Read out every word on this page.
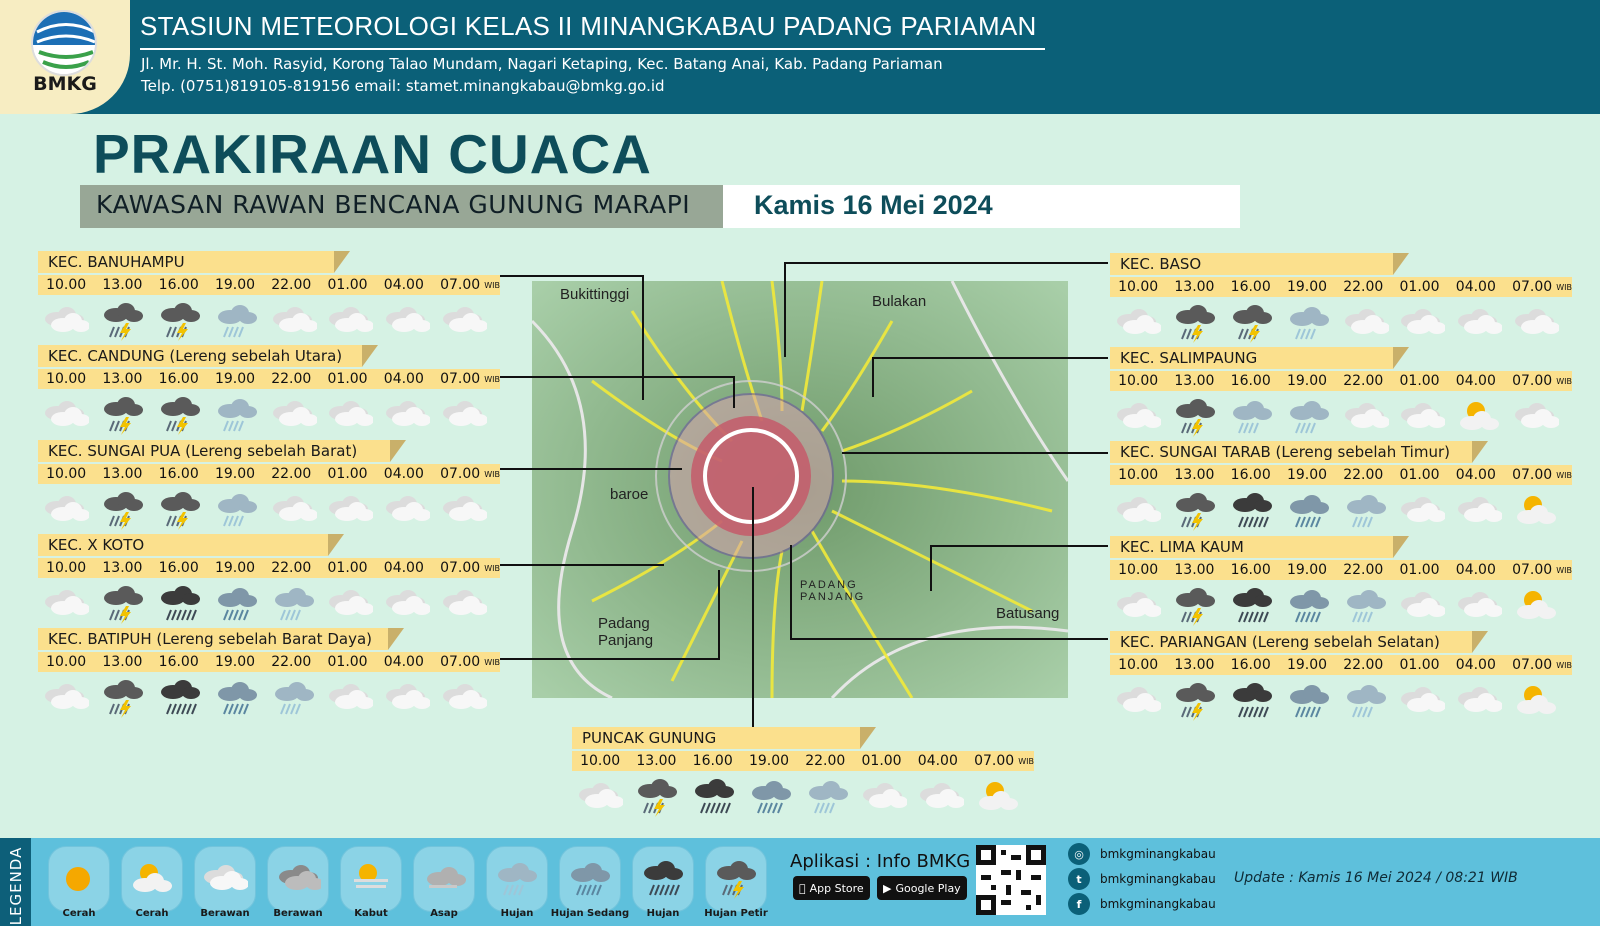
BMKG
STASIUN METEOROLOGI KELAS II MINANGKABAU PADANG PARIAMAN
Jl. Mr. H. St. Moh. Rasyid, Korong Talao Mundam, Nagari Ketaping, Kec. Batang Anai, Kab. Padang Pariaman
Telp. (0751)819105-819156 email: stamet.minangkabau@bmkg.go.id
PRAKIRAAN CUACA
KAWASAN RAWAN BENCANA GUNUNG MARAPI Kamis 16 Mei 2024
Bukittinggi	Bulakan
baroe
PADANG PANJANG
Padang Panjang
Batusang
KEC. BANUHAMPU
10.00	13.00	16.00	19.00	22.00	01.00	04.00	07.00 WIB
KEC. CANDUNG (Lereng sebelah Utara)
10.00	13.00	16.00	19.00	22.00	01.00	04.00	07.00 WIB
KEC. SUNGAI PUA (Lereng sebelah Barat)
10.00	13.00	16.00	19.00	22.00	01.00	04.00	07.00 WIB
KEC. X KOTO
10.00	13.00	16.00	19.00	22.00	01.00	04.00	07.00 WIB
KEC. BATIPUH (Lereng sebelah Barat Daya)
10.00	13.00	16.00	19.00	22.00	01.00	04.00	07.00 WIB
KEC. BASO
10.00	13.00	16.00	19.00	22.00	01.00	04.00	07.00 WIB
KEC. SALIMPAUNG
10.00	13.00	16.00	19.00	22.00	01.00	04.00	07.00 WIB
KEC. SUNGAI TARAB (Lereng sebelah Timur)
10.00	13.00	16.00	19.00	22.00	01.00	04.00	07.00 WIB
KEC. LIMA KAUM
10.00	13.00	16.00	19.00	22.00	01.00	04.00	07.00 WIB
KEC. PARIANGAN (Lereng sebelah Selatan)
10.00	13.00	16.00	19.00	22.00	01.00	04.00	07.00 WIB
PUNCAK GUNUNG
10.00	13.00	16.00	19.00	22.00	01.00	04.00	07.00 WIB
LEGENDA	Cerah	Cerah	Berawan	Berawan	Kabut	Asap	Hujan	Hujan Sedang	Hujan	Hujan Petir
Aplikasi : Info BMKG
App Store ▶ Google Play
◎	bmkgminangkabau
t	bmkgminangkabau
f	bmkgminangkabau
Update : Kamis 16 Mei 2024 / 08:21 WIB
